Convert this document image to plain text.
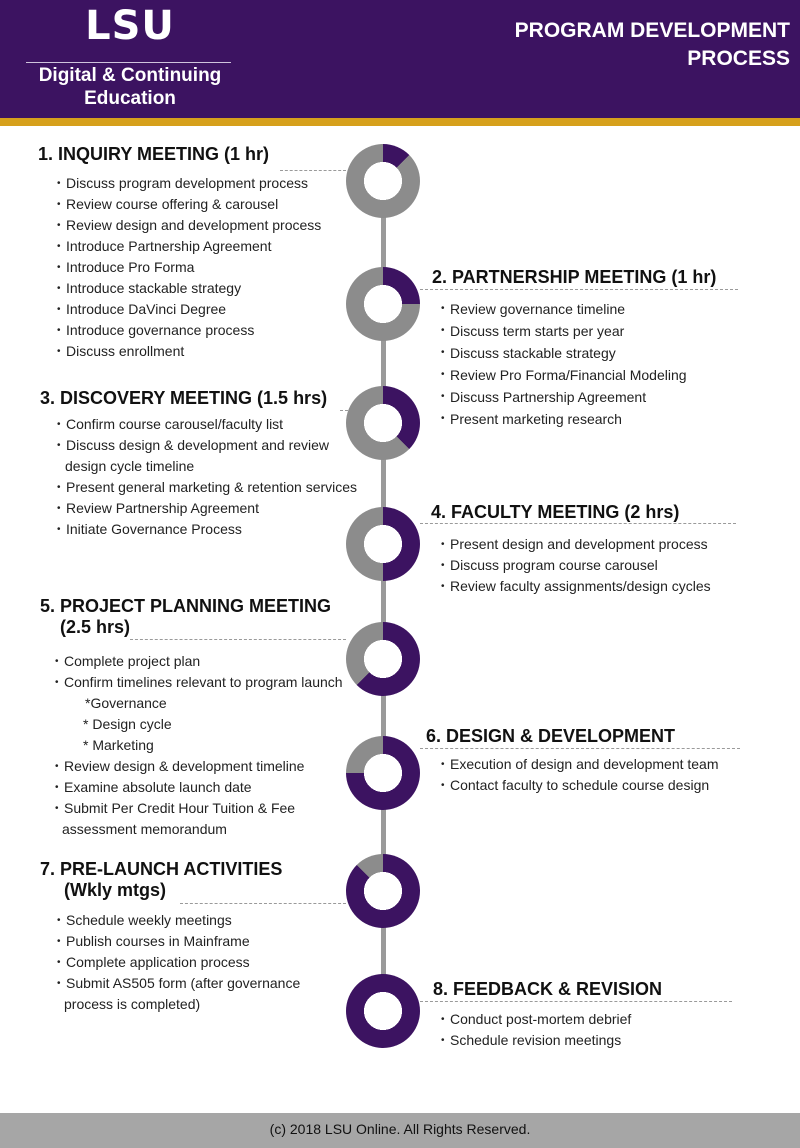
LSU
Digital & Continuing
Education
PROGRAM DEVELOPMENT
PROCESS
1. INQUIRY MEETING (1 hr)
• Discuss program development process
• Review course offering & carousel
• Review design and development process
• Introduce Partnership Agreement
• Introduce Pro Forma
• Introduce stackable strategy
• Introduce DaVinci Degree
• Introduce governance process
• Discuss enrollment
2. PARTNERSHIP MEETING (1 hr)
• Review governance timeline
• Discuss term starts per year
• Discuss stackable strategy
• Review Pro Forma/Financial Modeling
• Discuss Partnership Agreement
• Present marketing research
3. DISCOVERY MEETING (1.5 hrs)
• Confirm course carousel/faculty list
• Discuss design & development and review
design cycle timeline
• Present general marketing & retention services
• Review Partnership Agreement
• Initiate Governance Process
4. FACULTY MEETING (2 hrs)
• Present design and development process
• Discuss program course carousel
• Review faculty assignments/design cycles
5. PROJECT PLANNING MEETING
(2.5 hrs)
• Complete project plan
• Confirm timelines relevant to program launch
*Governance
* Design cycle
* Marketing
• Review design & development timeline
• Examine absolute launch date
• Submit Per Credit Hour Tuition & Fee
assessment memorandum
6. DESIGN & DEVELOPMENT
• Execution of design and development team
• Contact faculty to schedule course design
7. PRE-LAUNCH ACTIVITIES
(Wkly mtgs)
• Schedule weekly meetings
• Publish courses in Mainframe
• Complete application process
• Submit AS505 form (after governance
process is completed)
8. FEEDBACK & REVISION
• Conduct post-mortem debrief
• Schedule revision meetings
(c) 2018 LSU Online. All Rights Reserved.
